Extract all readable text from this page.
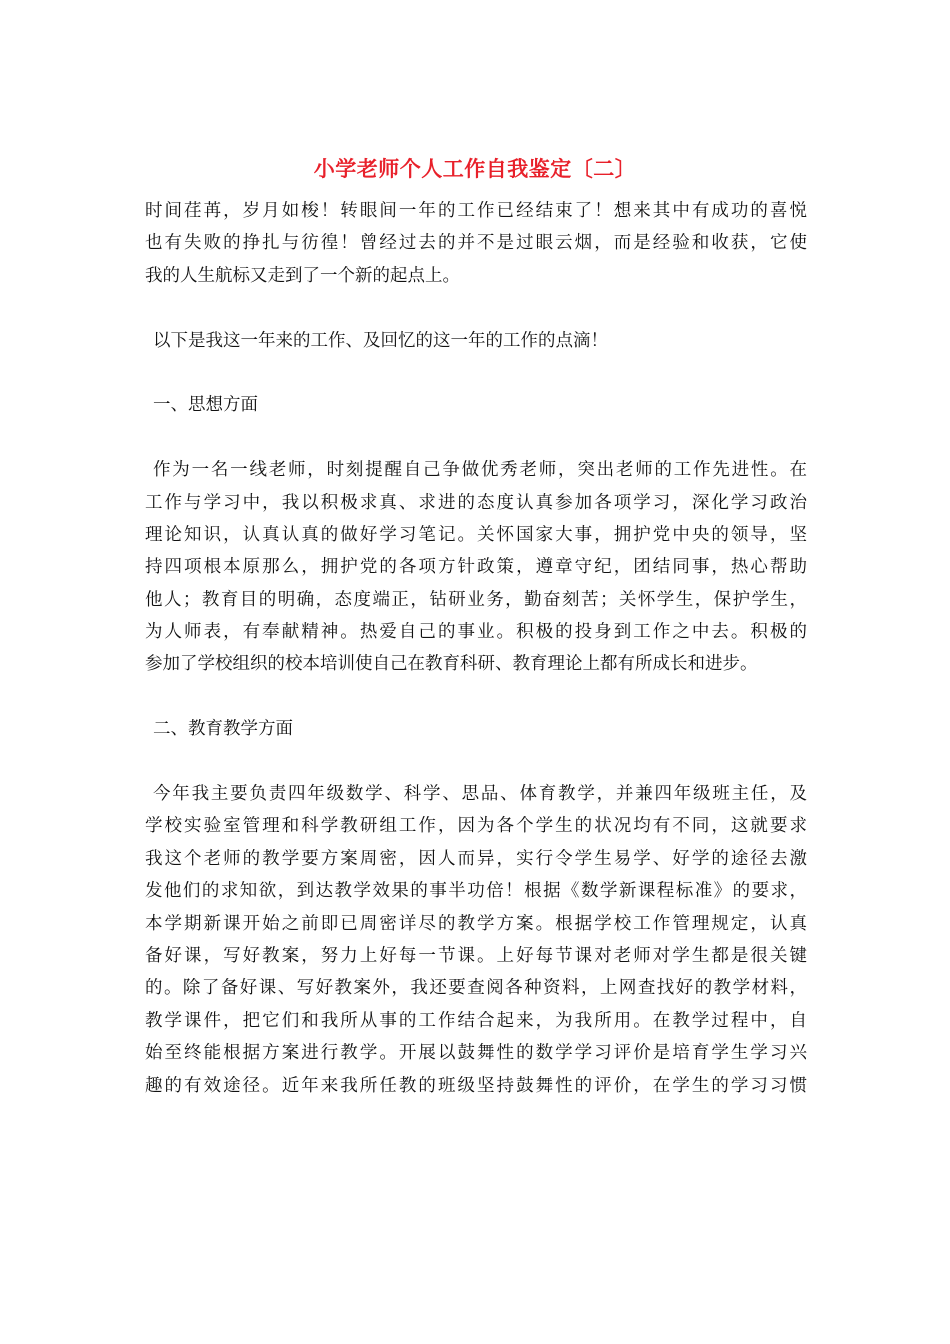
小学老师个人工作自我鉴定〔二〕
时间荏苒，岁月如梭！转眼间一年的工作已经结束了！想来其中有成功的喜悦
也有失败的挣扎与彷徨！曾经过去的并不是过眼云烟，而是经验和收获，它使
我的人生航标又走到了一个新的起点上。
以下是我这一年来的工作、及回忆的这一年的工作的点滴！
一、思想方面
作为一名一线老师，时刻提醒自己争做优秀老师，突出老师的工作先进性。在
工作与学习中，我以积极求真、求进的态度认真参加各项学习，深化学习政治
理论知识，认真认真的做好学习笔记。关怀国家大事，拥护党中央的领导，坚
持四项根本原那么，拥护党的各项方针政策，遵章守纪，团结同事，热心帮助
他人；教育目的明确，态度端正，钻研业务，勤奋刻苦；关怀学生，保护学生，
为人师表，有奉献精神。热爱自己的事业。积极的投身到工作之中去。积极的
参加了学校组织的校本培训使自己在教育科研、教育理论上都有所成长和进步。
二、教育教学方面
今年我主要负责四年级数学、科学、思品、体育教学，并兼四年级班主任，及
学校实验室管理和科学教研组工作，因为各个学生的状况均有不同，这就要求
我这个老师的教学要方案周密，因人而异，实行令学生易学、好学的途径去激
发他们的求知欲，到达教学效果的事半功倍！根据《数学新课程标准》的要求，
本学期新课开始之前即已周密详尽的教学方案。根据学校工作管理规定，认真
备好课，写好教案，努力上好每一节课。上好每节课对老师对学生都是很关键
的。除了备好课、写好教案外，我还要查阅各种资料，上网查找好的教学材料，
教学课件，把它们和我所从事的工作结合起来，为我所用。在教学过程中，自
始至终能根据方案进行教学。开展以鼓舞性的数学学习评价是培育学生学习兴
趣的有效途径。近年来我所任教的班级坚持鼓舞性的评价，在学生的学习习惯
